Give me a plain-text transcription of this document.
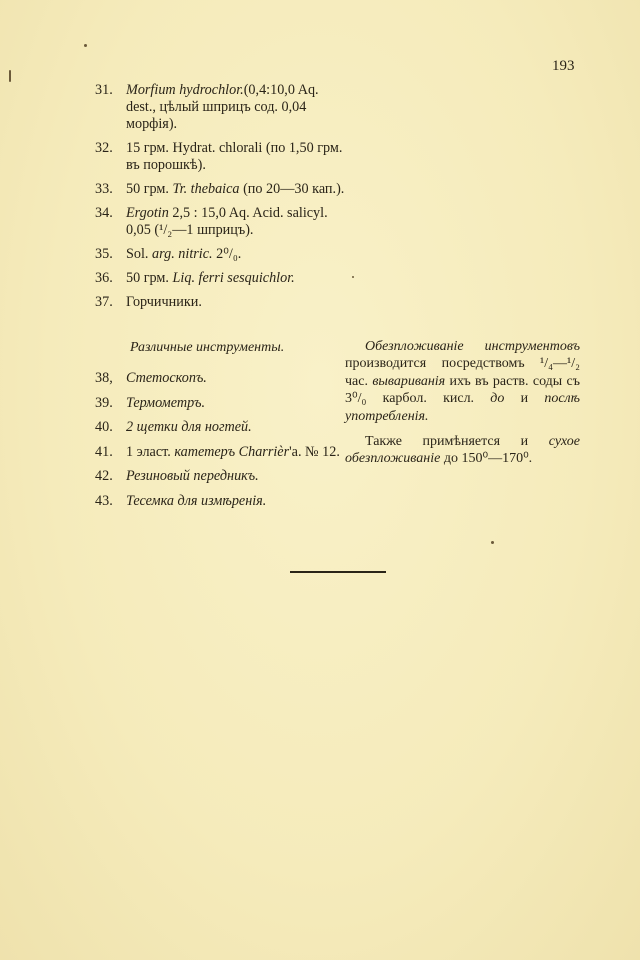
193
31. Morfium hydrochlor.(0,4:10,0 Aq. dest., цѣлый шприцъ сод. 0,04 морфія).
32. 15 грм. Hydrat. chlorali (по 1,50 грм. въ порошкѣ).
33. 50 грм. Tr. thebaica (по 20—30 кап.).
34. Ergotin 2,5 : 15,0 Aq. Acid. salicyl. 0,05 (¹/₂—1 шприцъ).
35. Sol. arg. nitric. 2⁰/₀.
36. 50 грм. Liq. ferri sesquichlor.
37. Горчичники.
Различные инструменты.
38, Стетоскопъ.
39. Термометръ.
40. 2 щетки для ногтей.
41. 1 эласт. катетеръ Charrièr'а. № 12.
42. Резиновый передникъ.
43. Тесемка для измѣренія.

Обезпложиваніе инструментовъ производится посредствомъ ¹/₄—¹/₂ час. вывариванія ихъ въ раств. соды съ 3⁰/₀ карбол. кисл. до и послѣ употребленія.

Также примѣняется и сухое обезпложиваніе до 150⁰—170⁰.
